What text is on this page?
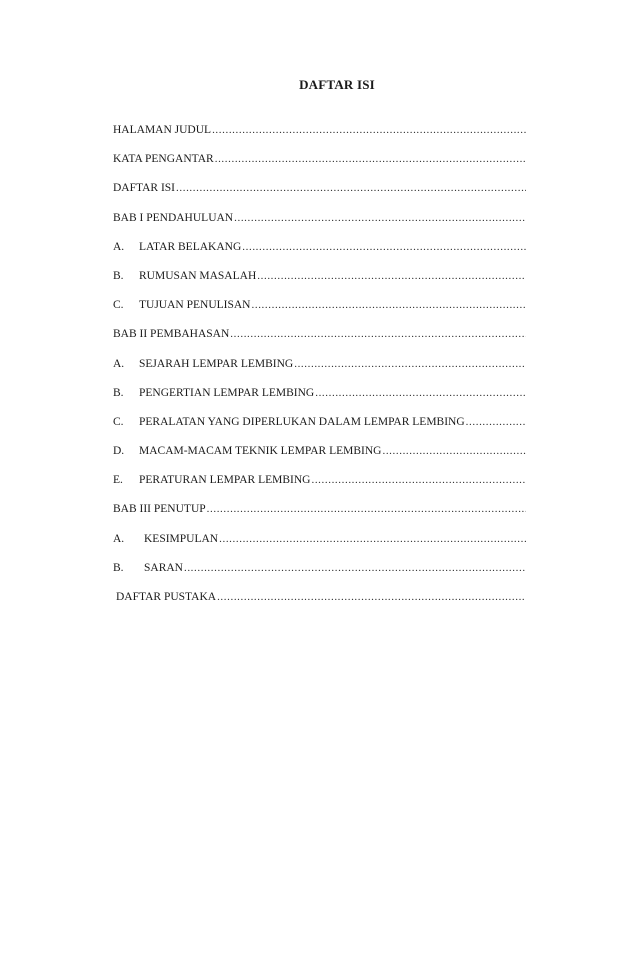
DAFTAR ISI
HALAMAN JUDUL
.....
KATA PENGANTAR
.....
DAFTAR ISI
.....
BAB I PENDAHULUAN
.....
A.	LATAR BELAKANG
.....
B.	RUMUSAN MASALAH
.....
C.	TUJUAN PENULISAN
.....
BAB II PEMBAHASAN
.....
A.	SEJARAH LEMPAR LEMBING
.....
B.	PENGERTIAN LEMPAR LEMBING
.....
C.	PERALATAN YANG DIPERLUKAN DALAM LEMPAR LEMBING
.....
D.	MACAM-MACAM TEKNIK LEMPAR LEMBING
.....
E.	PERATURAN LEMPAR LEMBING
.....
BAB III PENUTUP
.....
A.	KESIMPULAN
.....
B.	SARAN
.....
DAFTAR PUSTAKA
.....
